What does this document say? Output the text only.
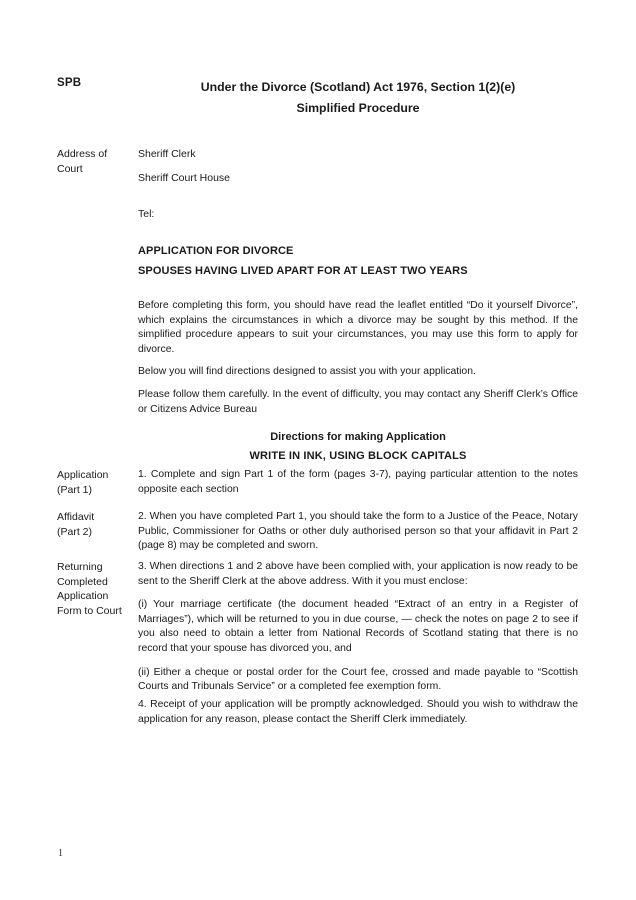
SPB	Under the Divorce (Scotland) Act 1976, Section 1(2)(e)
Simplified Procedure
Address of
Court
Sheriff Clerk
Sheriff Court House
Tel:
APPLICATION FOR DIVORCE
SPOUSES HAVING LIVED APART FOR AT LEAST TWO YEARS

Before completing this form, you should have read the leaflet entitled “Do it yourself Divorce”, which explains the circumstances in which a divorce may be sought by this method. If the simplified procedure appears to suit your circumstances, you may use this form to apply for divorce.

Below you will find directions designed to assist you with your application.

Please follow them carefully. In the event of difficulty, you may contact any Sheriff Clerk’s Office or Citizens Advice Bureau

Directions for making Application
WRITE IN INK, USING BLOCK CAPITALS
Application
(Part 1)

1. Complete and sign Part 1 of the form (pages 3-7), paying particular attention to the notes opposite each section

Affidavit
(Part 2)

2. When you have completed Part 1, you should take the form to a Justice of the Peace, Notary Public, Commissioner for Oaths or other duly authorised person so that your affidavit in Part 2 (page 8) may be completed and sworn.

Returning
Completed
Application
Form to Court

3. When directions 1 and 2 above have been complied with, your application is now ready to be sent to the Sheriff Clerk at the above address. With it you must enclose:

(i) Your marriage certificate (the document headed “Extract of an entry in a Register of Marriages”), which will be returned to you in due course, — check the notes on page 2 to see if you also need to obtain a letter from National Records of Scotland stating that there is no record that your spouse has divorced you, and

(ii) Either a cheque or postal order for the Court fee, crossed and made payable to “Scottish Courts and Tribunals Service” or a completed fee exemption form.

4. Receipt of your application will be promptly acknowledged. Should you wish to withdraw the application for any reason, please contact the Sheriff Clerk immediately.

1
